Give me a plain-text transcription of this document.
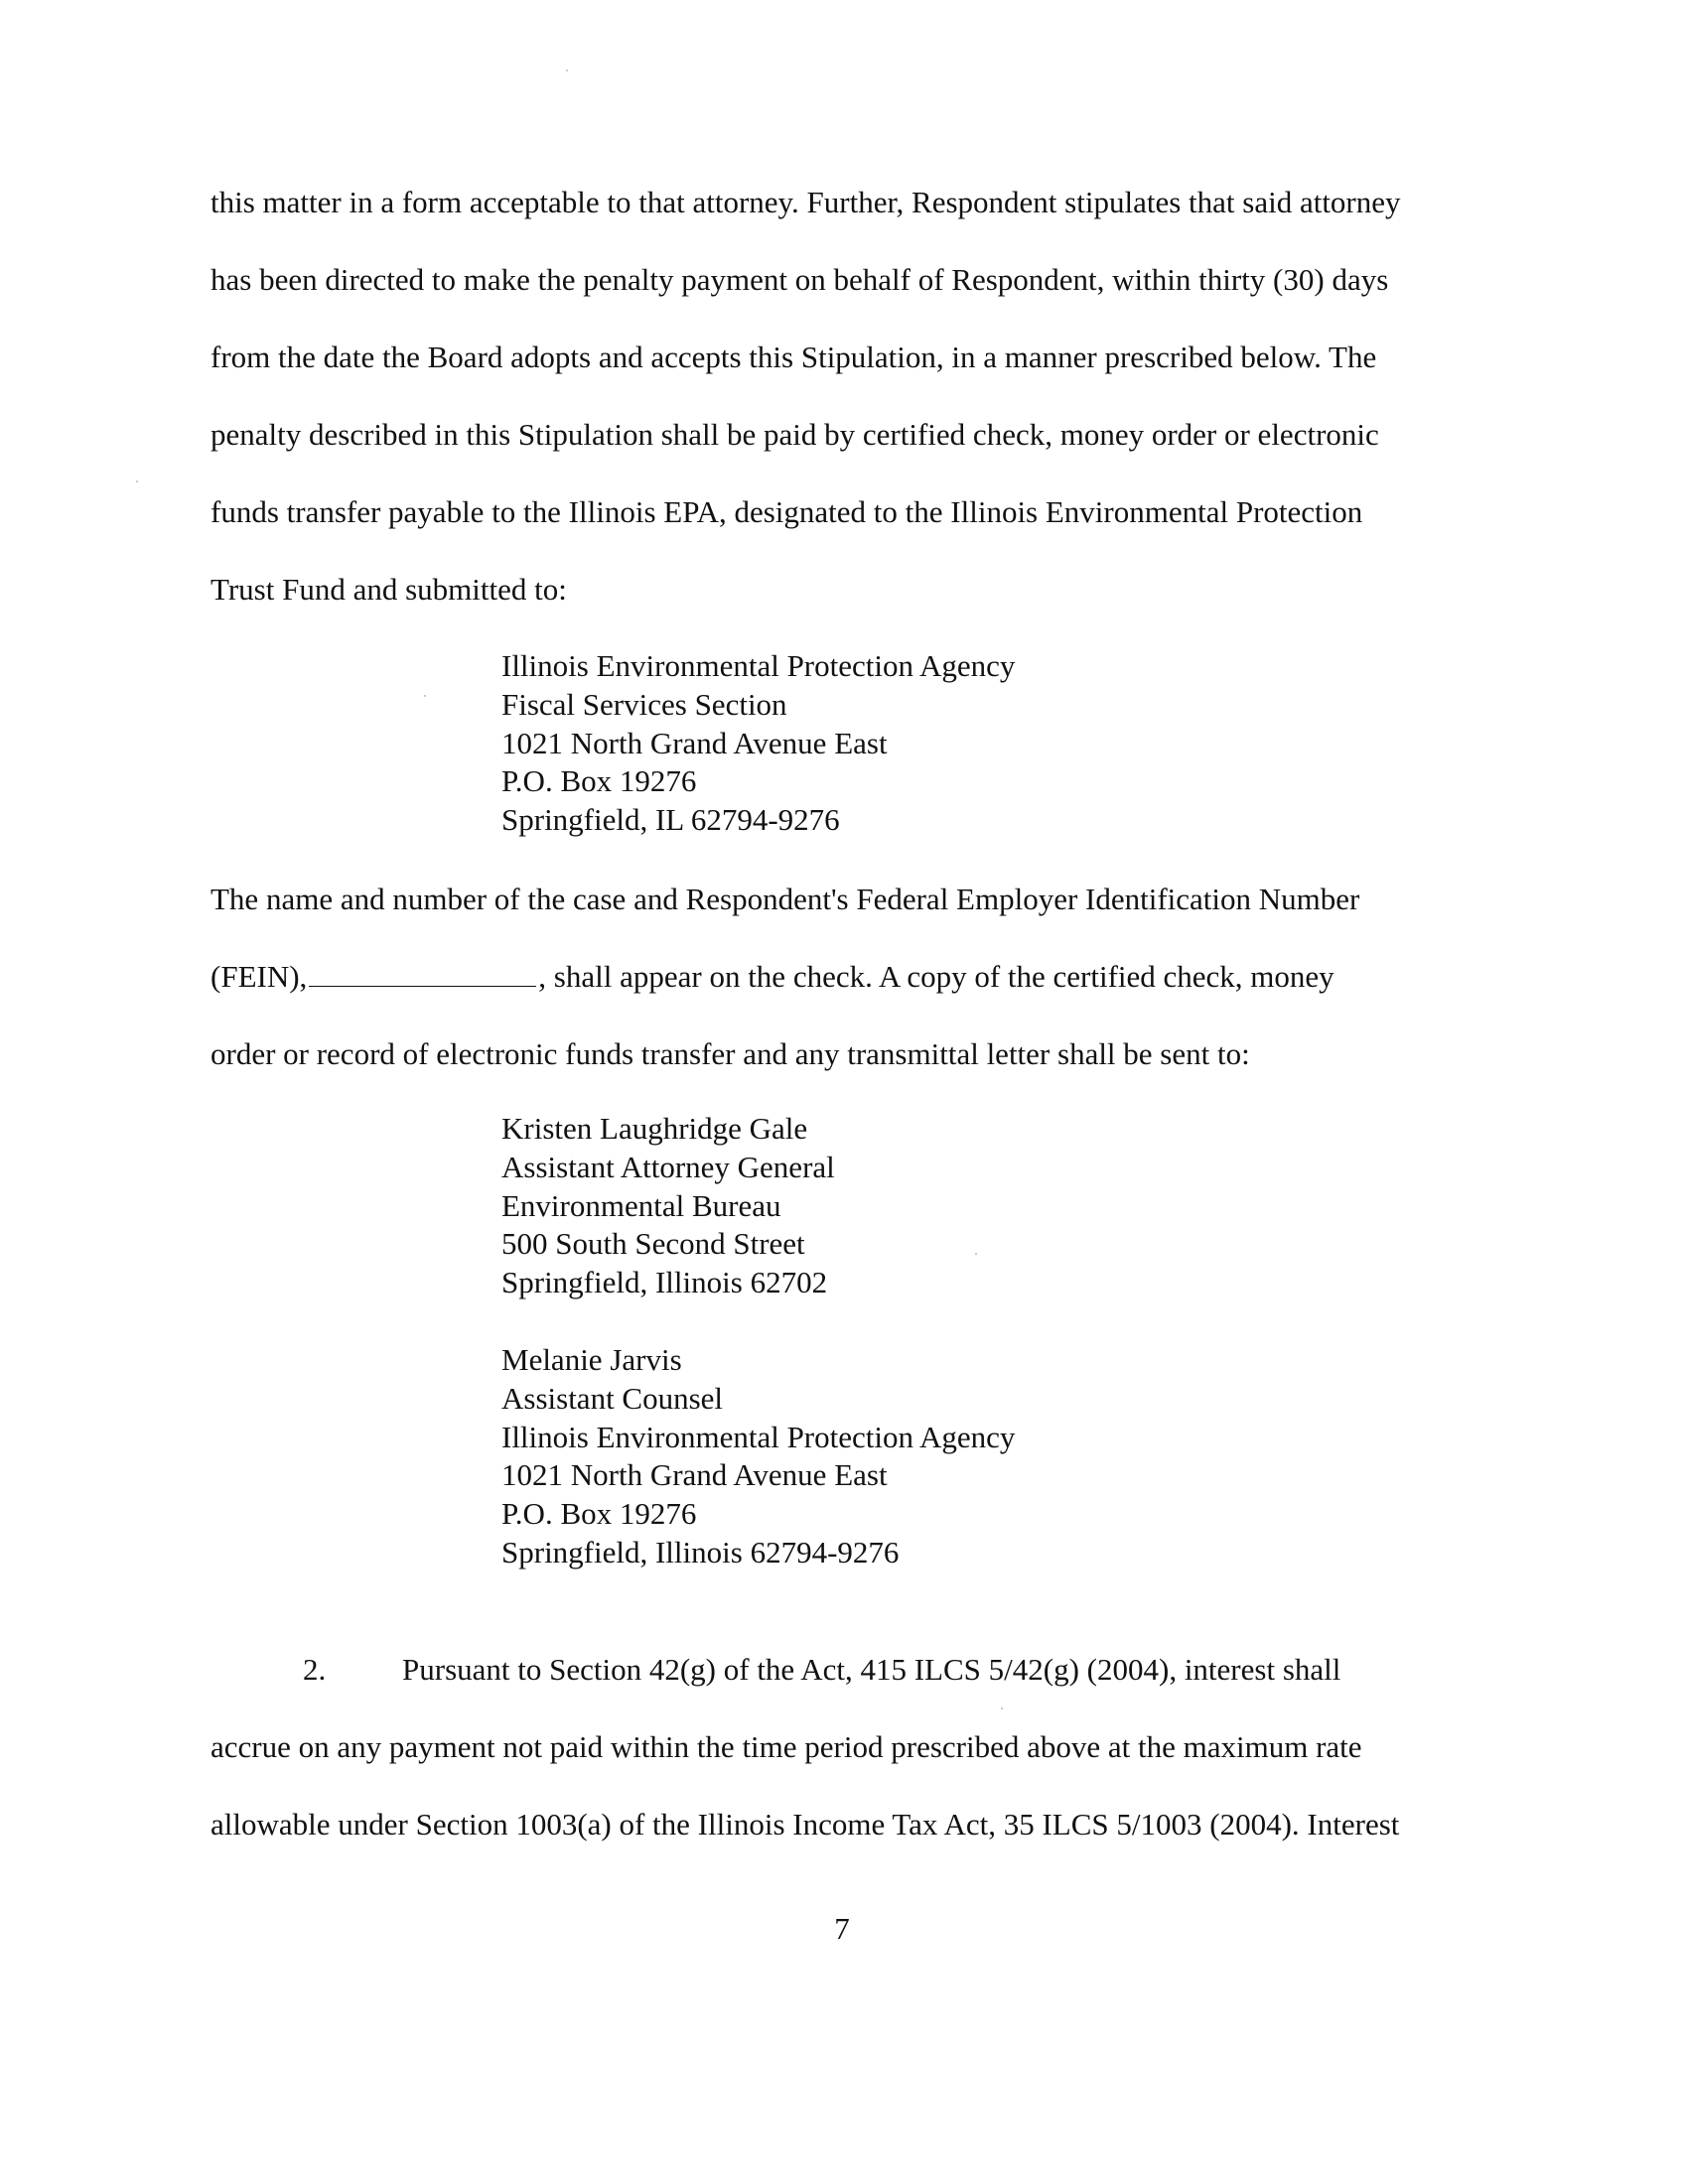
this matter in a form acceptable to that attorney. Further, Respondent stipulates that said attorney
has been directed to make the penalty payment on behalf of Respondent, within thirty (30) days
from the date the Board adopts and accepts this Stipulation, in a manner prescribed below. The
penalty described in this Stipulation shall be paid by certified check, money order or electronic
funds transfer payable to the Illinois EPA, designated to the Illinois Environmental Protection
Trust Fund and submitted to:
Illinois Environmental Protection Agency
Fiscal Services Section
1021 North Grand Avenue East
P.O. Box 19276
Springfield, IL 62794-9276
The name and number of the case and Respondent's Federal Employer Identification Number
(FEIN),	, shall appear on the check. A copy of the certified check, money
order or record of electronic funds transfer and any transmittal letter shall be sent to:
Kristen Laughridge Gale
Assistant Attorney General
Environmental Bureau
500 South Second Street
Springfield, Illinois 62702
Melanie Jarvis
Assistant Counsel
Illinois Environmental Protection Agency
1021 North Grand Avenue East
P.O. Box 19276
Springfield, Illinois 62794-9276
2. Pursuant to Section 42(g) of the Act, 415 ILCS 5/42(g) (2004), interest shall
accrue on any payment not paid within the time period prescribed above at the maximum rate
allowable under Section 1003(a) of the Illinois Income Tax Act, 35 ILCS 5/1003 (2004). Interest
7
